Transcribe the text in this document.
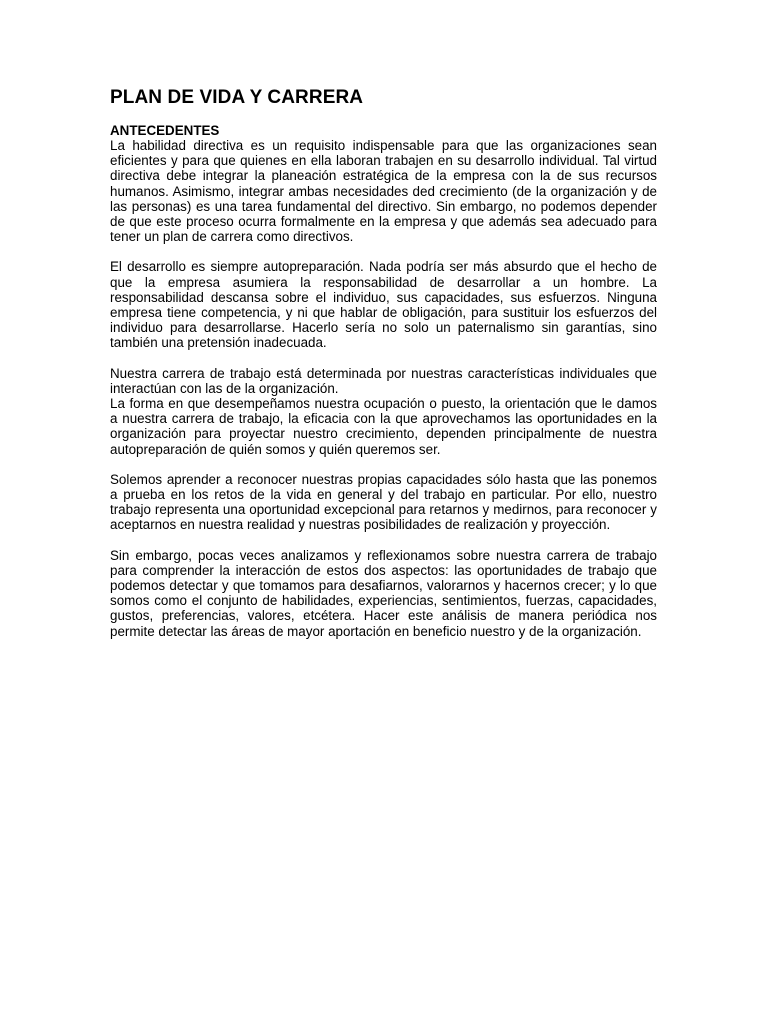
PLAN DE VIDA Y CARRERA
ANTECEDENTES

La habilidad directiva es un requisito indispensable para que las organizaciones sean eficientes y para que quienes en ella laboran trabajen en su desarrollo individual. Tal virtud directiva debe integrar la planeación estratégica de la empresa con la de sus recursos humanos. Asimismo, integrar ambas necesidades ded crecimiento (de la organización y de las personas) es una tarea fundamental del directivo. Sin embargo, no podemos depender de que este proceso ocurra formalmente en la empresa y que además sea adecuado para tener un plan de carrera como directivos.

El desarrollo es siempre autopreparación. Nada podría ser más absurdo que el hecho de que la empresa asumiera la responsabilidad de desarrollar a un hombre. La responsabilidad descansa sobre el individuo, sus capacidades, sus esfuerzos. Ninguna empresa tiene competencia, y ni que hablar de obligación, para sustituir los esfuerzos del individuo para desarrollarse. Hacerlo sería no solo un paternalismo sin garantías, sino también una pretensión inadecuada.

Nuestra carrera de trabajo está determinada por nuestras características individuales que interactúan con las de la organización.

La forma en que desempeñamos nuestra ocupación o puesto, la orientación que le damos a nuestra carrera de trabajo, la eficacia con la que aprovechamos las oportunidades en la organización para proyectar nuestro crecimiento, dependen principalmente de nuestra autopreparación de quién somos y quién queremos ser.

Solemos aprender a reconocer nuestras propias capacidades sólo hasta que las ponemos a prueba en los retos de la vida en general y del trabajo en particular. Por ello, nuestro trabajo representa una oportunidad excepcional para retarnos y medirnos, para reconocer y aceptarnos en nuestra realidad y nuestras posibilidades de realización y proyección.

Sin embargo, pocas veces analizamos y reflexionamos sobre nuestra carrera de trabajo para comprender la interacción de estos dos aspectos: las oportunidades de trabajo que podemos detectar y que tomamos para desafiarnos, valorarnos y hacernos crecer; y lo que somos como el conjunto de habilidades, experiencias, sentimientos, fuerzas, capacidades, gustos, preferencias, valores, etcétera. Hacer este análisis de manera periódica nos permite detectar las áreas de mayor aportación en beneficio nuestro y de la organización.
